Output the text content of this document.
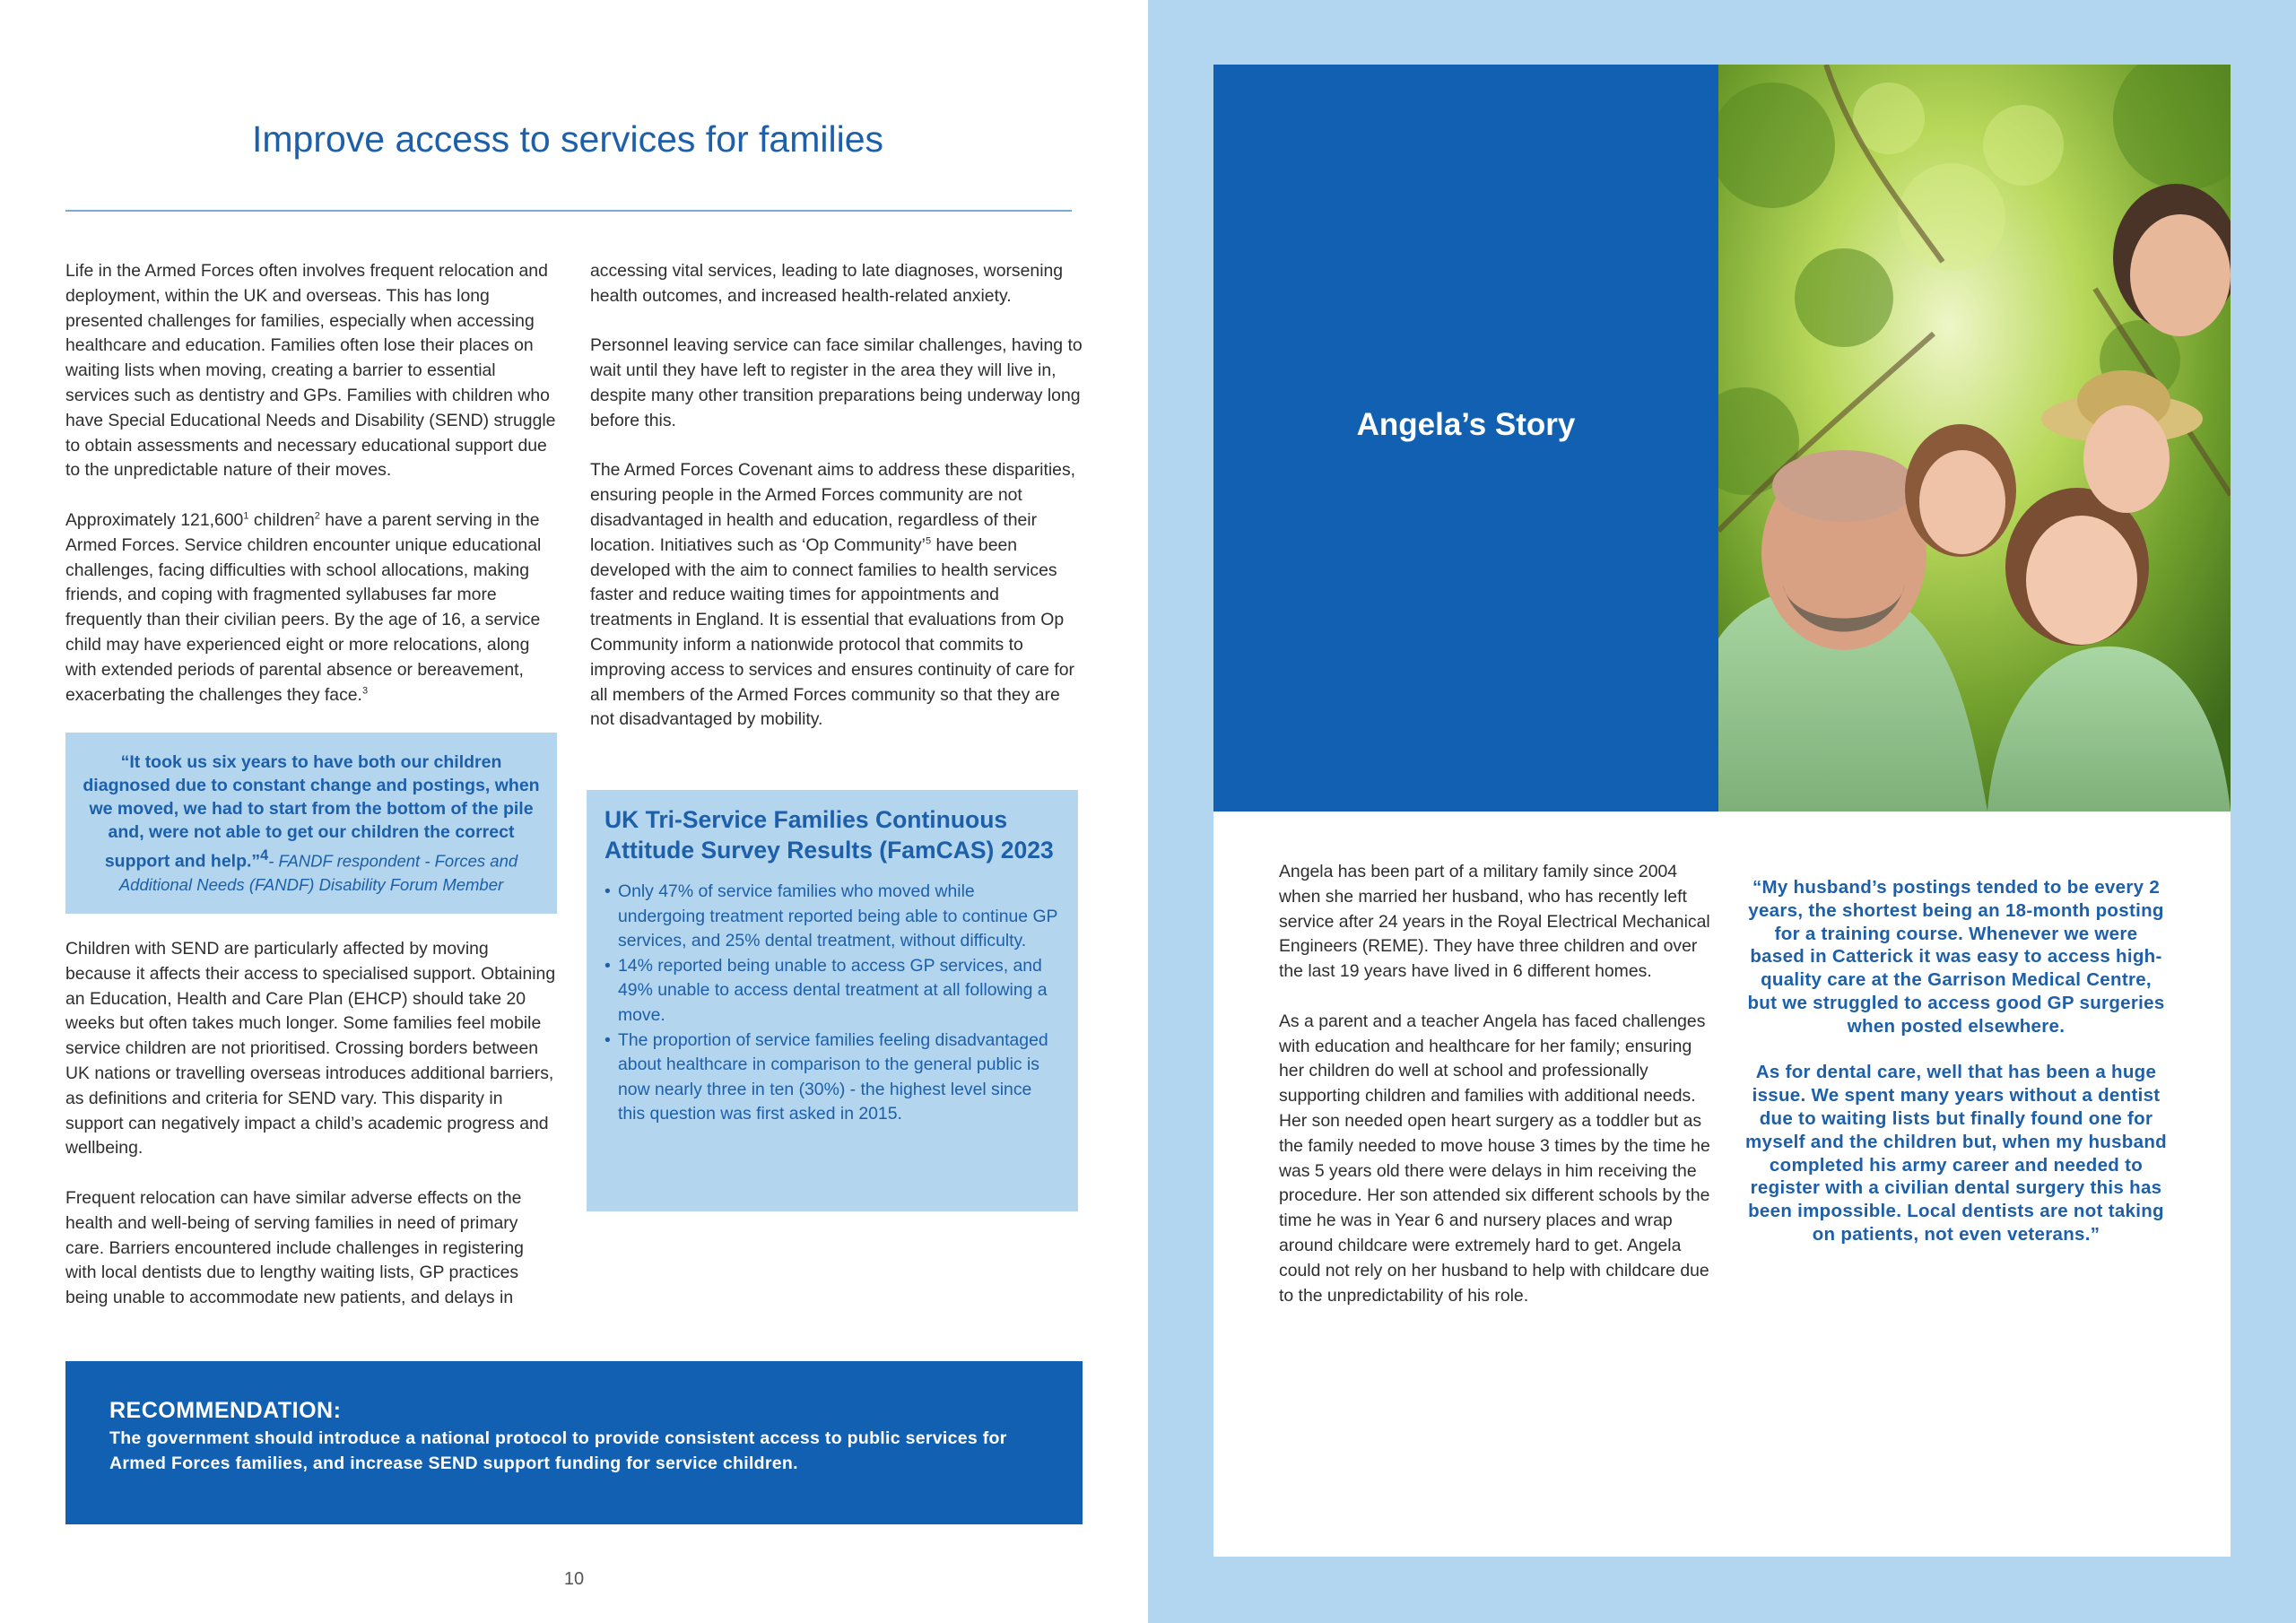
Improve access to services for families

Life in the Armed Forces often involves frequent relocation and deployment, within the UK and overseas. This has long presented challenges for families, especially when accessing healthcare and education. Families often lose their places on waiting lists when moving, creating a barrier to essential services such as dentistry and GPs. Families with children who have Special Educational Needs and Disability (SEND) struggle to obtain assessments and necessary educational support due to the unpredictable nature of their moves.

Approximately 121,600$^1$ children$^2$ have a parent serving in the Armed Forces. Service children encounter unique educational challenges, facing difficulties with school allocations, making friends, and coping with fragmented syllabuses far more frequently than their civilian peers. By the age of 16, a service child may have experienced eight or more relocations, along with extended periods of parental absence or bereavement, exacerbating the challenges they face.$^3$

“It took us six years to have both our children diagnosed due to constant change and postings, when we moved, we had to start from the bottom of the pile and, were not able to get our children the correct support and help.”$^4$- FANDF respondent - Forces and Additional Needs (FANDF) Disability Forum Member

Children with SEND are particularly affected by moving because it affects their access to specialised support. Obtaining an Education, Health and Care Plan (EHCP) should take 20 weeks but often takes much longer. Some families feel mobile service children are not prioritised. Crossing borders between UK nations or travelling overseas introduces additional barriers, as definitions and criteria for SEND vary. This disparity in support can negatively impact a child’s academic progress and wellbeing.

Frequent relocation can have similar adverse effects on the health and well-being of serving families in need of primary care. Barriers encountered include challenges in registering with local dentists due to lengthy waiting lists, GP practices being unable to accommodate new patients, and delays in

accessing vital services, leading to late diagnoses, worsening health outcomes, and increased health-related anxiety.

Personnel leaving service can face similar challenges, having to wait until they have left to register in the area they will live in, despite many other transition preparations being underway long before this.

The Armed Forces Covenant aims to address these disparities, ensuring people in the Armed Forces community are not disadvantaged in health and education, regardless of their location. Initiatives such as ‘Op Community’$^5$ have been developed with the aim to connect families to health services faster and reduce waiting times for appointments and treatments in England. It is essential that evaluations from Op Community inform a nationwide protocol that commits to improving access to services and ensures continuity of care for all members of the Armed Forces community so that they are not disadvantaged by mobility.

UK Tri-Service Families Continuous Attitude Survey Results (FamCAS) 2023
• Only 47% of service families who moved while undergoing treatment reported being able to continue GP services, and 25% dental treatment, without difficulty.
• 14% reported being unable to access GP services, and 49% unable to access dental treatment at all following a move.
• The proportion of service families feeling disadvantaged about healthcare in comparison to the general public is now nearly three in ten (30%) - the highest level since this question was first asked in 2015.
RECOMMENDATION:
The government should introduce a national protocol to provide consistent access to public services for Armed Forces families, and increase SEND support funding for service children.
10
Angela’s Story

Angela has been part of a military family since 2004 when she married her husband, who has recently left service after 24 years in the Royal Electrical Mechanical Engineers (REME). They have three children and over the last 19 years have lived in 6 different homes.

As a parent and a teacher Angela has faced challenges with education and healthcare for her family; ensuring her children do well at school and professionally supporting children and families with additional needs. Her son needed open heart surgery as a toddler but as the family needed to move house 3 times by the time he was 5 years old there were delays in him receiving the procedure. Her son attended six different schools by the time he was in Year 6 and nursery places and wrap around childcare were extremely hard to get. Angela could not rely on her husband to help with childcare due to the unpredictability of his role.

“My husband’s postings tended to be every 2 years, the shortest being an 18-month posting for a training course. Whenever we were based in Catterick it was easy to access high-quality care at the Garrison Medical Centre, but we struggled to access good GP surgeries when posted elsewhere.

As for dental care, well that has been a huge issue. We spent many years without a dentist due to waiting lists but finally found one for myself and the children but, when my husband completed his army career and needed to register with a civilian dental surgery this has been impossible. Local dentists are not taking on patients, not even veterans.”
